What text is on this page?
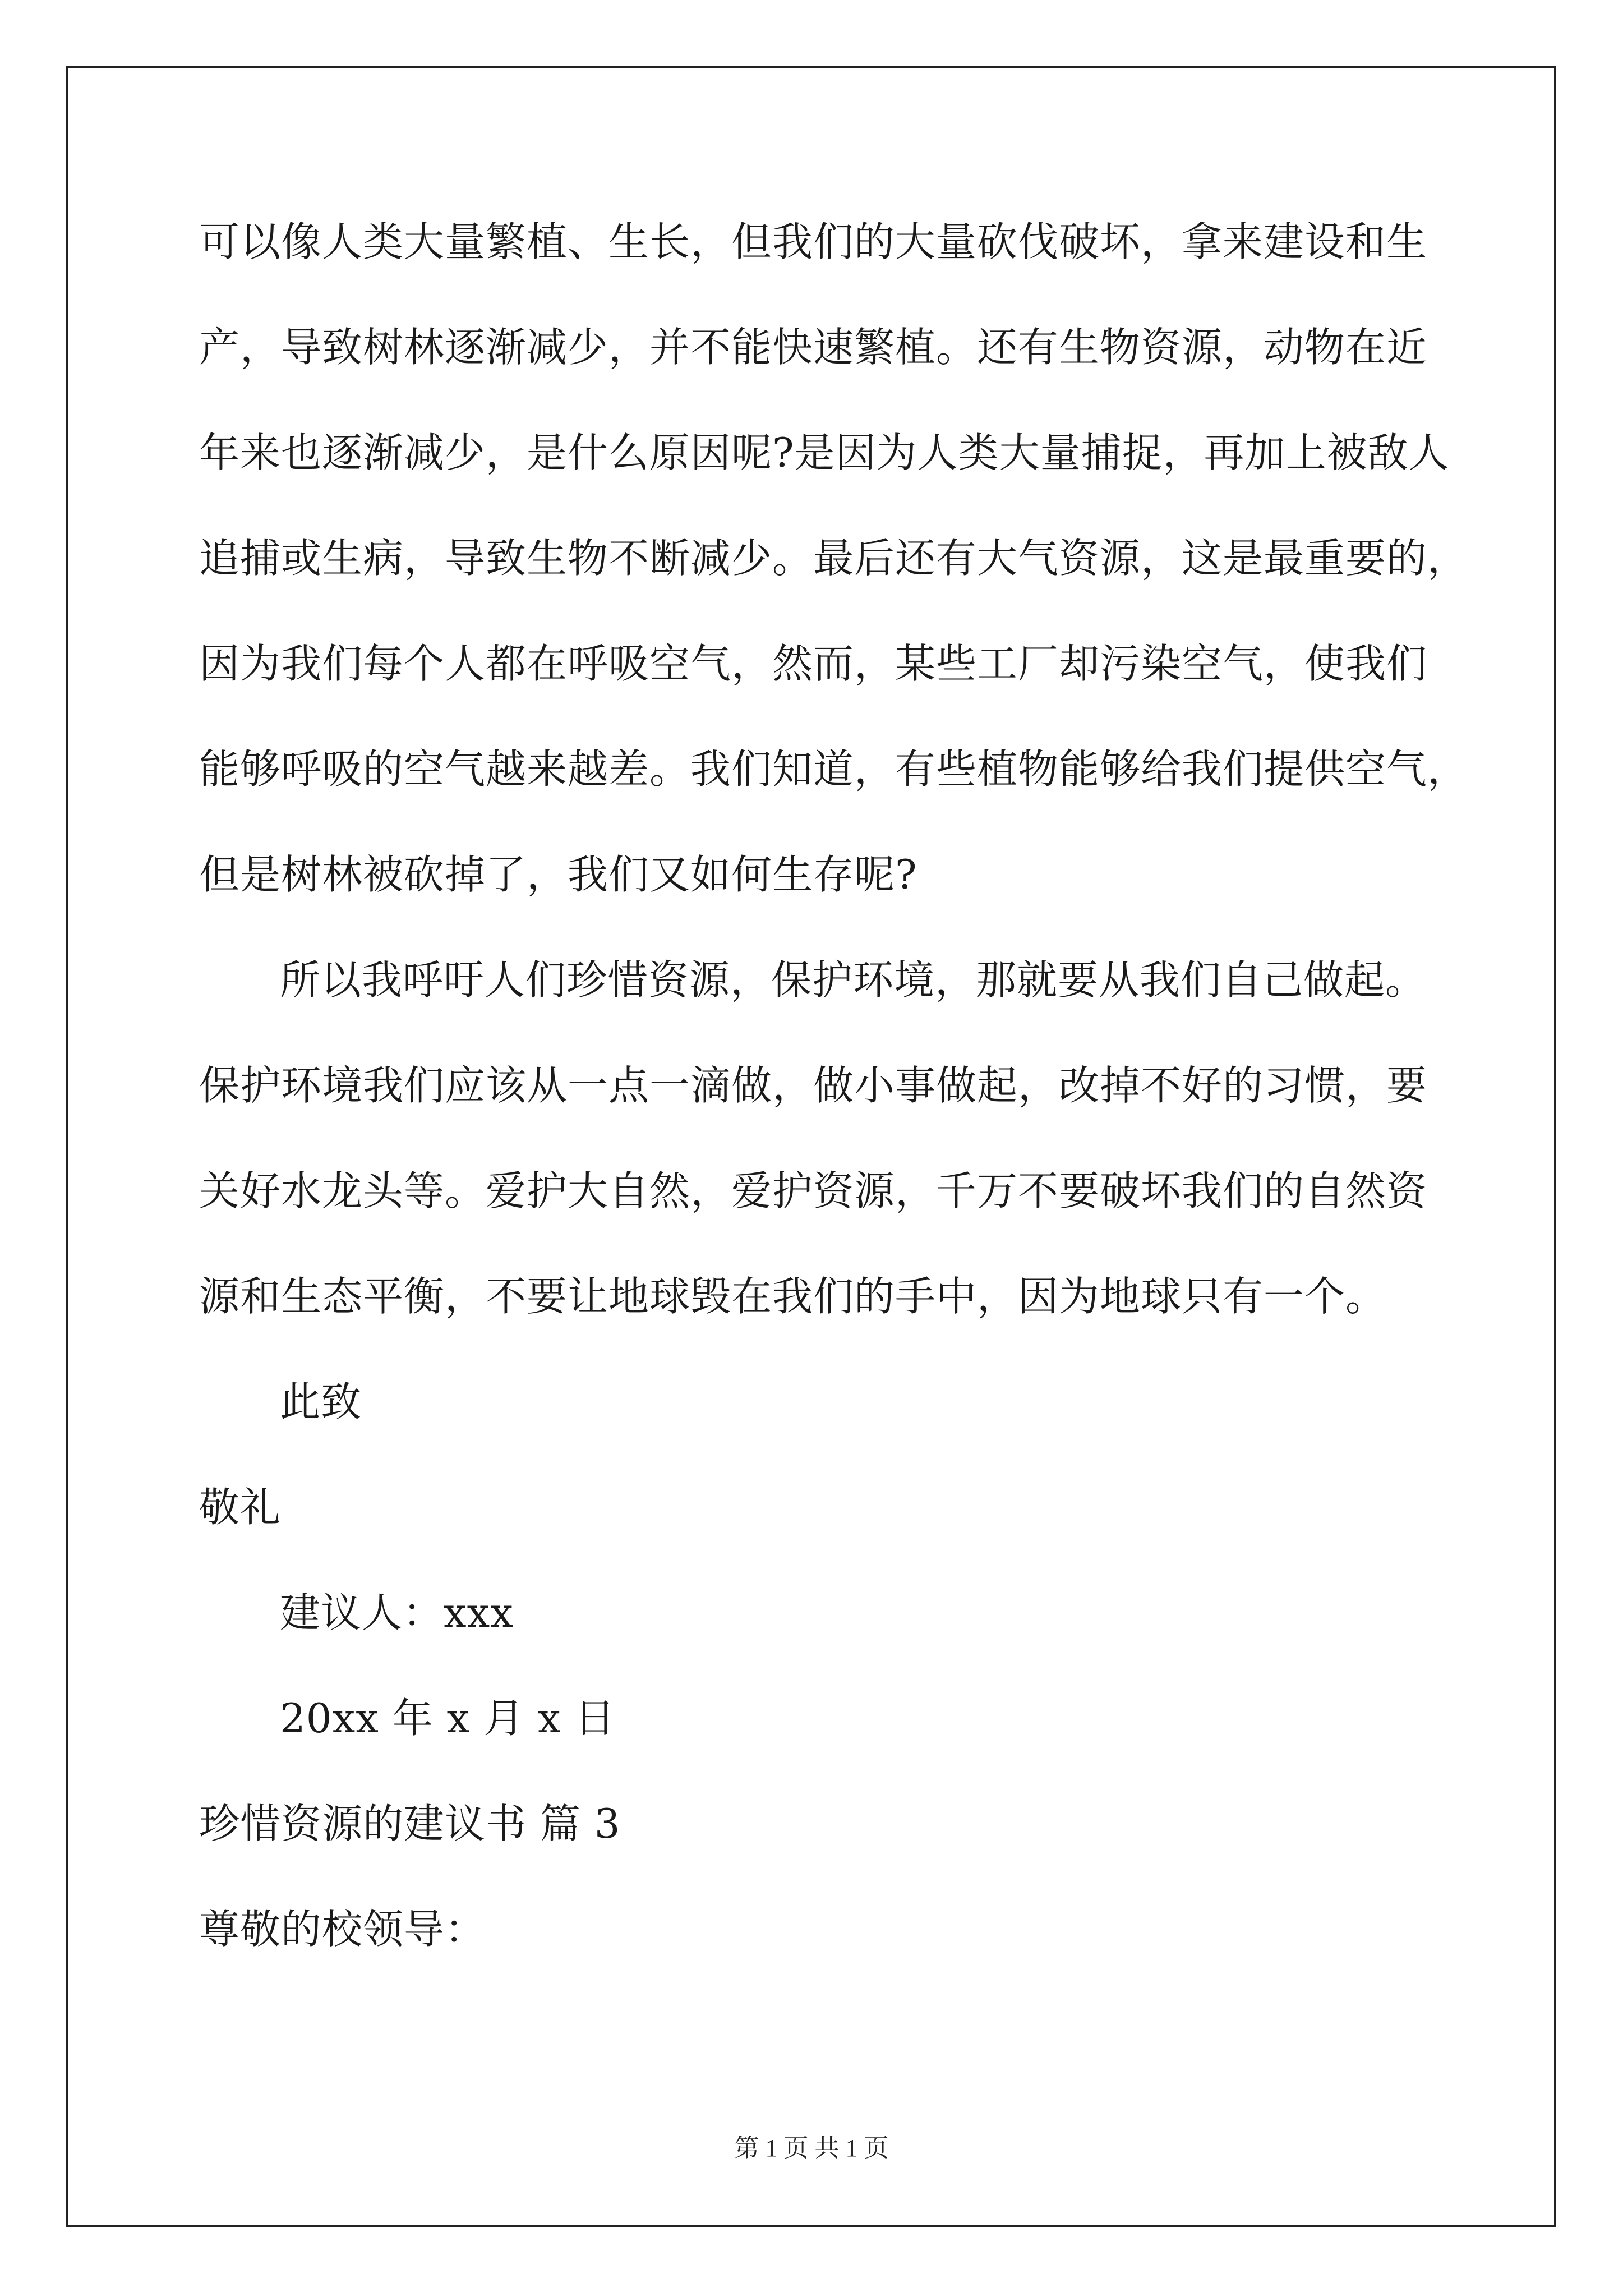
可以像人类大量繁植、生长，但我们的大量砍伐破坏，拿来建设和生
产，导致树林逐渐减少，并不能快速繁植。还有生物资源，动物在近
年来也逐渐减少，是什么原因呢?是因为人类大量捕捉，再加上被敌人
追捕或生病，导致生物不断减少。最后还有大气资源，这是最重要的，
因为我们每个人都在呼吸空气，然而，某些工厂却污染空气，使我们
能够呼吸的空气越来越差。我们知道，有些植物能够给我们提供空气，
但是树林被砍掉了，我们又如何生存呢?
所以我呼吁人们珍惜资源，保护环境，那就要从我们自己做起。
保护环境我们应该从一点一滴做，做小事做起，改掉不好的习惯，要
关好水龙头等。爱护大自然，爱护资源，千万不要破坏我们的自然资
源和生态平衡，不要让地球毁在我们的手中，因为地球只有一个。
此致
敬礼
建议人：xxx
20xx 年 x 月 x 日
珍惜资源的建议书 篇 3
尊敬的校领导：
第 1 页 共 1 页
